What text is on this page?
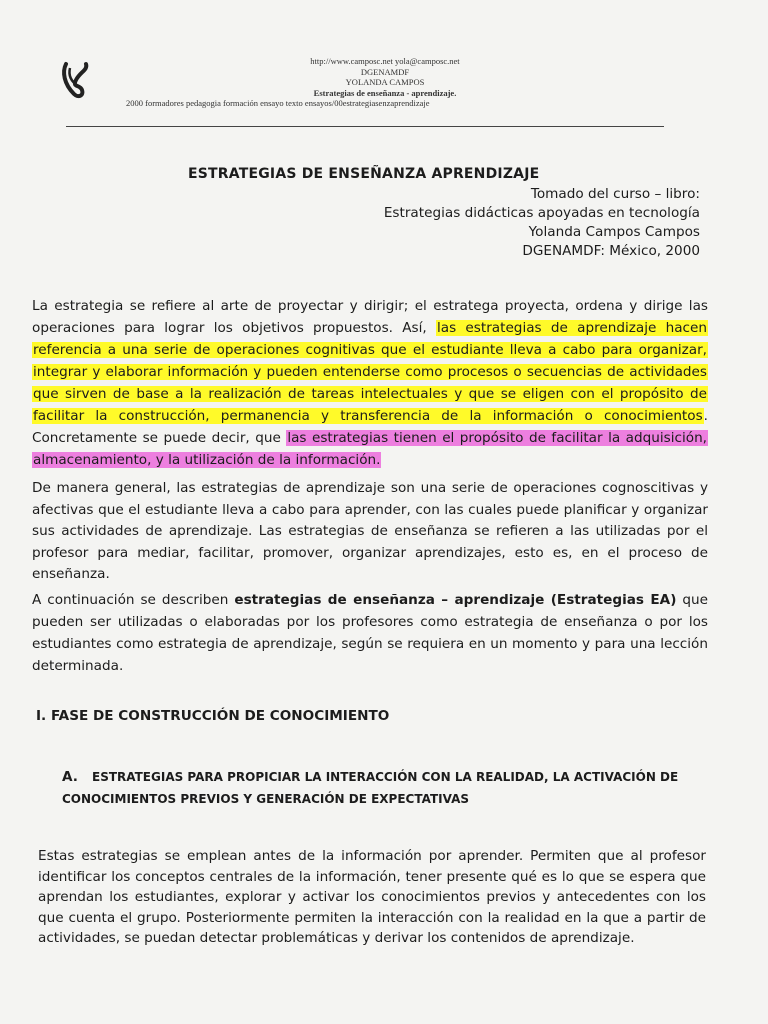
http://www.camposc.net yola@camposc.net
DGENAMDF
YOLANDA CAMPOS
Estrategias de enseñanza - aprendizaje.
2000 formadores pedagogia formación ensayo texto ensayos/00estrategiasenzaprendizaje
ESTRATEGIAS DE ENSEÑANZA APRENDIZAJE
Tomado del curso – libro:
Estrategias didácticas apoyadas en tecnología
Yolanda Campos Campos
DGENAMDF: México, 2000
La estrategia se refiere al arte de proyectar y dirigir; el estratega proyecta, ordena y dirige las operaciones para lograr los objetivos propuestos. Así, las estrategias de aprendizaje hacen referencia a una serie de operaciones cognitivas que el estudiante lleva a cabo para organizar, integrar y elaborar información y pueden entenderse como procesos o secuencias de actividades que sirven de base a la realización de tareas intelectuales y que se eligen con el propósito de facilitar la construcción, permanencia y transferencia de la información o conocimientos. Concretamente se puede decir, que las estrategias tienen el propósito de facilitar la adquisición, almacenamiento, y la utilización de la información.
De manera general, las estrategias de aprendizaje son una serie de operaciones cognoscitivas y afectivas que el estudiante lleva a cabo para aprender, con las cuales puede planificar y organizar sus actividades de aprendizaje. Las estrategias de enseñanza se refieren a las utilizadas por el profesor para mediar, facilitar, promover, organizar aprendizajes, esto es, en el proceso de enseñanza.
A continuación se describen estrategias de enseñanza – aprendizaje (Estrategias EA) que pueden ser utilizadas o elaboradas por los profesores como estrategia de enseñanza o por los estudiantes como estrategia de aprendizaje, según se requiera en un momento y para una lección determinada.
I. FASE DE CONSTRUCCIÓN DE CONOCIMIENTO
A. ESTRATEGIAS PARA PROPICIAR LA INTERACCIÓN CON LA REALIDAD, LA ACTIVACIÓN DE CONOCIMIENTOS PREVIOS Y GENERACIÓN DE EXPECTATIVAS
Estas estrategias se emplean antes de la información por aprender. Permiten que al profesor identificar los conceptos centrales de la información, tener presente qué es lo que se espera que aprendan los estudiantes, explorar y activar los conocimientos previos y antecedentes con los que cuenta el grupo. Posteriormente permiten la interacción con la realidad en la que a partir de actividades, se puedan detectar problemáticas y derivar los contenidos de aprendizaje.
